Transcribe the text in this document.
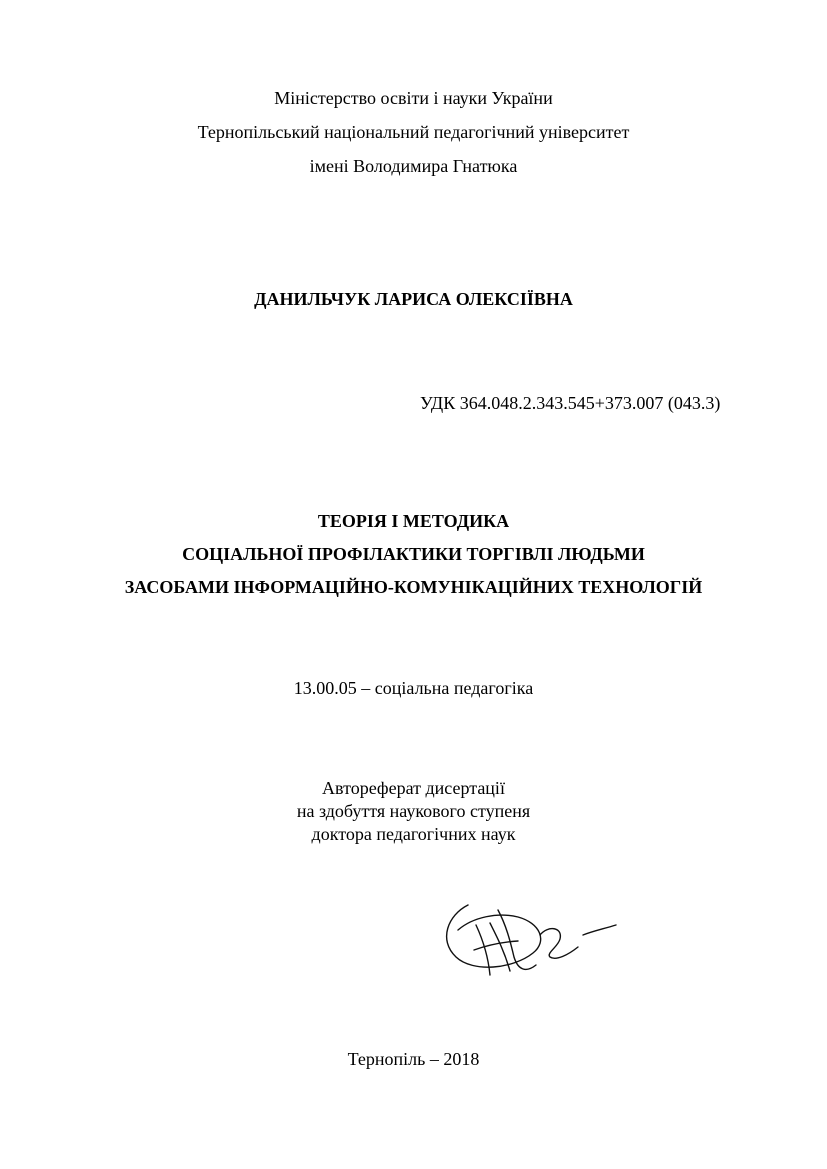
Міністерство освіти і науки України
Тернопільський національний педагогічний університет
імені Володимира Гнатюка
ДАНИЛЬЧУК ЛАРИСА ОЛЕКСІЇВНА
УДК 364.048.2.343.545+373.007 (043.3)
ТЕОРІЯ І МЕТОДИКА
СОЦІАЛЬНОЇ ПРОФІЛАКТИКИ ТОРГІВЛІ ЛЮДЬМИ
ЗАСОБАМИ ІНФОРМАЦІЙНО-КОМУНІКАЦІЙНИХ ТЕХНОЛОГІЙ
13.00.05 – соціальна педагогіка
Автореферат дисертації
на здобуття наукового ступеня
доктора педагогічних наук
Тернопіль – 2018
